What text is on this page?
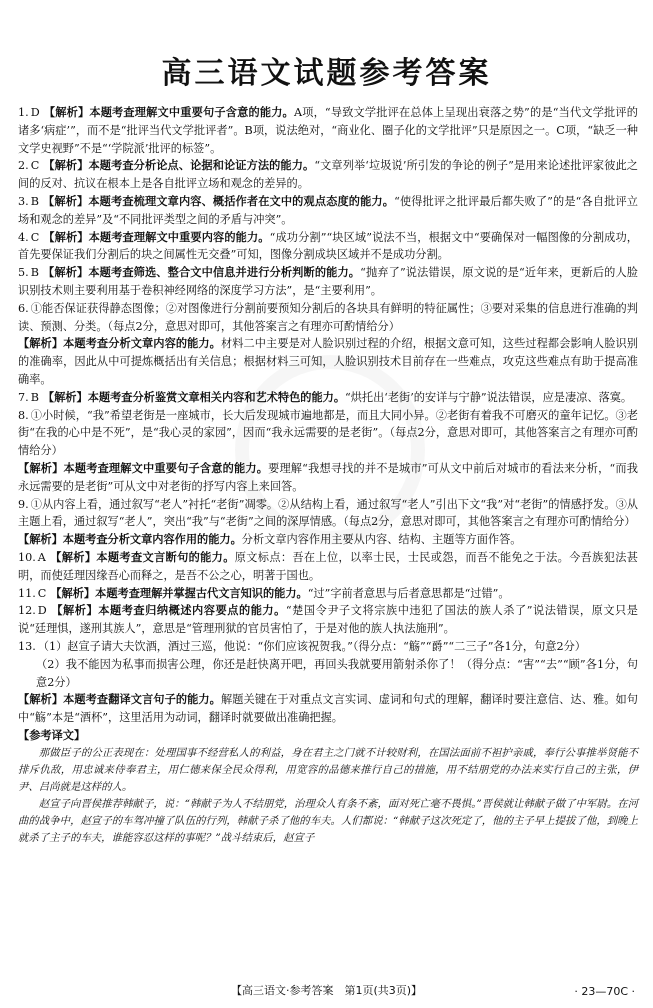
高三语文试题参考答案

1. D 【解析】本题考查理解文中重要句子含意的能力。A项，“导致文学批评在总体上呈现出衰落之势”的是“当代文学批评的诸多‘病症’”，而不是“批评当代文学批评者”。B项，说法绝对，“商业化、圈子化的文学批评”只是原因之一。C项，“缺乏一种文学史视野”不是“‘学院派’批评的标签”。

2. C 【解析】本题考查分析论点、论据和论证方法的能力。“文章列举‘垃圾说’所引发的争论的例子”是用来论述批评家彼此之间的反对、抗议在根本上是各自批评立场和观念的差异的。

3. B 【解析】本题考查梳理文章内容、概括作者在文中的观点态度的能力。“使得批评之批评最后都失败了”的是“各自批评立场和观念的差异”及“不同批评类型之间的矛盾与冲突”。

4. C 【解析】本题考查理解文中重要内容的能力。“成功分割”“块区域”说法不当，根据文中“要确保对一幅图像的分割成功，首先要保证我们分割后的块之间属性无交叠”可知，图像分割成块区域并不是成功分割。

5. B 【解析】本题考查筛选、整合文中信息并进行分析判断的能力。“抛弃了”说法错误，原文说的是“近年来，更新后的人脸识别技术则主要利用基于卷积神经网络的深度学习方法”，是“主要利用”。

6. ①能否保证获得静态图像；②对图像进行分割前要预知分割后的各块具有鲜明的特征属性；③要对采集的信息进行准确的判读、预测、分类。（每点2分，意思对即可，其他答案言之有理亦可酌情给分）

【解析】本题考查分析文章内容的能力。材料二中主要是对人脸识别过程的介绍，根据文意可知，这些过程都会影响人脸识别的准确率，因此从中可提炼概括出有关信息；根据材料三可知，人脸识别技术目前存在一些难点，攻克这些难点有助于提高准确率。

7. B 【解析】本题考查分析鉴赏文章相关内容和艺术特色的能力。“烘托出‘老街’的安详与宁静”说法错误，应是凄凉、落寞。

8. ①小时候，“我”希望老街是一座城市，长大后发现城市遍地都是，而且大同小异。②老街有着我不可磨灭的童年记忆。③老街“在我的心中是不死”，是“我心灵的家园”，因而“我永远需要的是老街”。（每点2分，意思对即可，其他答案言之有理亦可酌情给分）

【解析】本题考查理解文中重要句子含意的能力。要理解“我想寻找的并不是城市”可从文中前后对城市的看法来分析，“而我永远需要的是老街”可从文中对老街的抒写内容上来回答。

9. ①从内容上看，通过叙写“老人”衬托“老街”凋零。②从结构上看，通过叙写“老人”引出下文“我”对“老街”的情感抒发。③从主题上看，通过叙写“老人”，突出“我”与“老街”之间的深厚情感。（每点2分，意思对即可，其他答案言之有理亦可酌情给分）

【解析】本题考查分析文章内容作用的能力。分析文章内容作用主要从内容、结构、主题等方面作答。

10. A 【解析】本题考查文言断句的能力。原文标点：吾在上位，以率士民，士民或怨，而吾不能免之于法。今吾族犯法甚明，而使廷理因缘吾心而释之，是吾不公之心，明著于国也。

11. C 【解析】本题考查理解并掌握古代文言知识的能力。“过”字前者意思与后者意思都是“过错”。

12. D 【解析】本题考查归纳概述内容要点的能力。“楚国令尹子文将宗族中违犯了国法的族人杀了”说法错误，原文只是说“廷理惧，遂刑其族人”，意思是“管理刑狱的官员害怕了，于是对他的族人执法施刑”。

13. （1）赵宣子请大夫饮酒，酒过三巡，他说：“你们应该祝贺我。”（得分点：“觞”“爵”“二三子”各1分，句意2分）

（2）我不能因为私事而损害公理，你还是赶快离开吧，再回头我就要用箭射杀你了！（得分点：“害”“去”“顾”各1分，句意2分）

【解析】本题考查翻译文言句子的能力。解题关键在于对重点文言实词、虚词和句式的理解，翻译时要注意信、达、雅。如句中“觞”本是“酒杯”，这里活用为动词，翻译时就要做出准确把握。

【参考译文】

那做臣子的公正表现在：处理国事不经营私人的利益，身在君主之门就不计较财利，在国法面前不袒护亲戚，奉行公事推举贤能不排斥仇敌，用忠诚来侍奉君主，用仁德来保全民众得利，用宽容的品德来推行自己的措施，用不结朋党的办法来实行自己的主张，伊尹、吕尚就是这样的人。

赵宣子向晋侯推荐韩献子，说：“韩献子为人不结朋党，治理众人有条不紊，面对死亡毫不畏惧。”晋侯就让韩献子做了中军尉。在河曲的战争中，赵宣子的车驾冲撞了队伍的行列，韩献子杀了他的车夫。人们都说：“韩献子这次死定了，他的主子早上提拔了他，到晚上就杀了主子的车夫，谁能容忍这样的事呢？”战斗结束后，赵宣子

【高三语文·参考答案　第1页(共3页)】	· 23—70C ·
